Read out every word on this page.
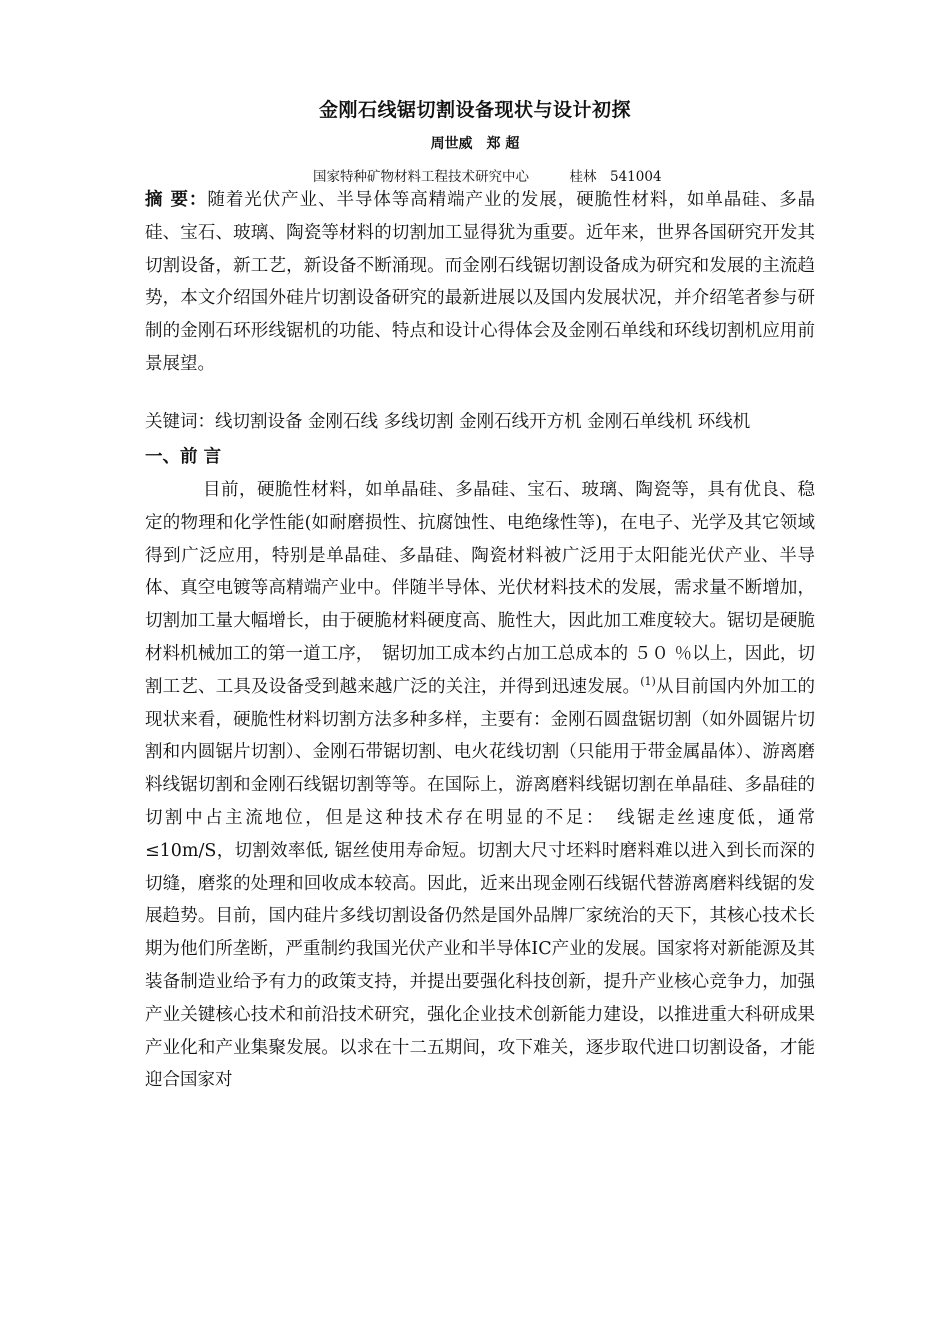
金刚石线锯切割设备现状与设计初探
周世威　郑 超
国家特种矿物材料工程技术研究中心　　　桂林　541004
摘 要：随着光伏产业、半导体等高精端产业的发展，硬脆性材料，如单晶硅、多晶硅、宝石、玻璃、陶瓷等材料的切割加工显得犹为重要。近年来，世界各国研究开发其切割设备，新工艺，新设备不断涌现。而金刚石线锯切割设备成为研究和发展的主流趋势，本文介绍国外硅片切割设备研究的最新进展以及国内发展状况，并介绍笔者参与研制的金刚石环形线锯机的功能、特点和设计心得体会及金刚石单线和环线切割机应用前景展望。
关键词：线切割设备 金刚石线 多线切割 金刚石线开方机 金刚石单线机 环线机
一、前 言
目前，硬脆性材料，如单晶硅、多晶硅、宝石、玻璃、陶瓷等，具有优良、稳定的物理和化学性能(如耐磨损性、抗腐蚀性、电绝缘性等)，在电子、光学及其它领域得到广泛应用，特别是单晶硅、多晶硅、陶瓷材料被广泛用于太阳能光伏产业、半导体、真空电镀等高精端产业中。伴随半导体、光伏材料技术的发展，需求量不断增加，切割加工量大幅增长，由于硬脆材料硬度高、脆性大，因此加工难度较大。锯切是硬脆材料机械加工的第一道工序，　锯切加工成本约占加工总成本的 ５０ ％以上，因此，切割工艺、工具及设备受到越来越广泛的关注，并得到迅速发展。$^{(1)}$从目前国内外加工的现状来看，硬脆性材料切割方法多种多样，主要有：金刚石圆盘锯切割（如外圆锯片切割和内圆锯片切割）、金刚石带锯切割、电火花线切割（只能用于带金属晶体）、游离磨料线锯切割和金刚石线锯切割等等。在国际上，游离磨料线锯切割在单晶硅、多晶硅的切割中占主流地位，但是这种技术存在明显的不足：　线锯走丝速度低，通常≤10m/S，切割效率低, 锯丝使用寿命短。切割大尺寸坯料时磨料难以进入到长而深的切缝，磨浆的处理和回收成本较高。因此，近来出现金刚石线锯代替游离磨料线锯的发展趋势。目前，国内硅片多线切割设备仍然是国外品牌厂家统治的天下，其核心技术长期为他们所垄断，严重制约我国光伏产业和半导体IC产业的发展。国家将对新能源及其装备制造业给予有力的政策支持，并提出要强化科技创新，提升产业核心竞争力，加强产业关键核心技术和前沿技术研究，强化企业技术创新能力建设，以推进重大科研成果产业化和产业集聚发展。以求在十二五期间，攻下难关，逐步取代进口切割设备，才能迎合国家对
